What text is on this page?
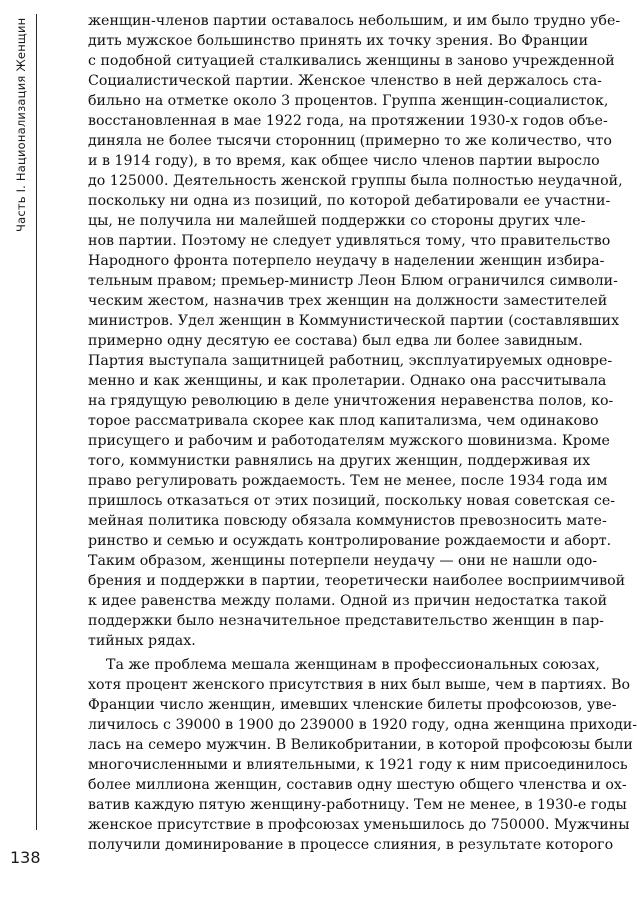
Часть I. Национализация Женщин	женщин-членов партии оставалось небольшим, и им было трудно убе-
дить мужское большинство принять их точку зрения. Во Франции
с подобной ситуацией сталкивались женщины в заново учрежденной
Социалистической партии. Женское членство в ней держалось ста-
бильно на отметке около 3 процентов. Группа женщин-социалисток,
восстановленная в мае 1922 года, на протяжении 1930-х годов объе-
диняла не более тысячи сторонниц (примерно то же количество, что
и в 1914 году), в то время, как общее число членов партии выросло
до 125000. Деятельность женской группы была полностью неудачной,
поскольку ни одна из позиций, по которой дебатировали ее участни-
цы, не получила ни малейшей поддержки со стороны других чле-
нов партии. Поэтому не следует удивляться тому, что правительство
Народного фронта потерпело неудачу в наделении женщин избира-
тельным правом; премьер-министр Леон Блюм ограничился символи-
ческим жестом, назначив трех женщин на должности заместителей
министров. Удел женщин в Коммунистической партии (составлявших
примерно одну десятую ее состава) был едва ли более завидным.
Партия выступала защитницей работниц, эксплуатируемых одновре-
менно и как женщины, и как пролетарии. Однако она рассчитывала
на грядущую революцию в деле уничтожения неравенства полов, ко-
торое рассматривала скорее как плод капитализма, чем одинаково
присущего и рабочим и работодателям мужского шовинизма. Кроме
того, коммунистки равнялись на других женщин, поддерживая их
право регулировать рождаемость. Тем не менее, после 1934 года им
пришлось отказаться от этих позиций, поскольку новая советская се-
мейная политика повсюду обязала коммунистов превозносить мате-
ринство и семью и осуждать контролирование рождаемости и аборт.
Таким образом, женщины потерпели неудачу — они не нашли одо-
брения и поддержки в партии, теоретически наиболее восприимчивой
к идее равенства между полами. Одной из причин недостатка такой
поддержки было незначительное представительство женщин в пар-
тийных рядах.
Та же проблема мешала женщинам в профессиональных союзах,
хотя процент женского присутствия в них был выше, чем в партиях. Во
Франции число женщин, имевших членские билеты профсоюзов, уве-
личилось с 39000 в 1900 до 239000 в 1920 году, одна женщина приходи-
лась на семеро мужчин. В Великобритании, в которой профсоюзы были
многочисленными и влиятельными, к 1921 году к ним присоединилось
более миллиона женщин, составив одну шестую общего членства и ох-
ватив каждую пятую женщину-работницу. Тем не менее, в 1930-е годы
женское присутствие в профсоюзах уменьшилось до 750000. Мужчины
получили доминирование в процессе слияния, в результате которого
138
